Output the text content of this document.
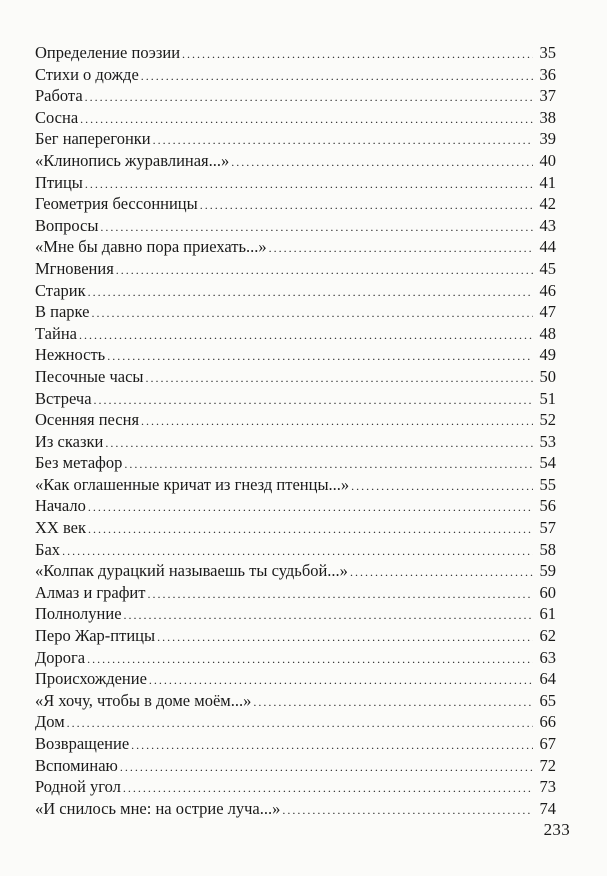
Определение поэзии . . .	35
Стихи о дожде . . .	36
Работа . . .	37
Сосна . . .	38
Бег наперегонки . . .	39
«Клинопись журавлиная...» . . .	40
Птицы . . .	41
Геометрия бессонницы . . .	42
Вопросы . . .	43
«Мне бы давно пора приехать...» . . .	44
Мгновения . . .	45
Старик . . .	46
В парке . . .	47
Тайна . . .	48
Нежность . . .	49
Песочные часы . . .	50
Встреча . . .	51
Осенняя песня . . .	52
Из сказки . . .	53
Без метафор . . .	54
«Как оглашенные кричат из гнезд птенцы...» . . .	55
Начало . . .	56
XX век . . .	57
Бах . . .	58
«Колпак дурацкий называешь ты судьбой...» . . .	59
Алмаз и графит . . .	60
Полнолуние . . .	61
Перо Жар-птицы . . .	62
Дорога . . .	63
Происхождение . . .	64
«Я хочу, чтобы в доме моём...» . . .	65
Дом . . .	66
Возвращение . . .	67
Вспоминаю . . .	72
Родной угол . . .	73
«И снилось мне: на острие луча...» . . .	74
233
